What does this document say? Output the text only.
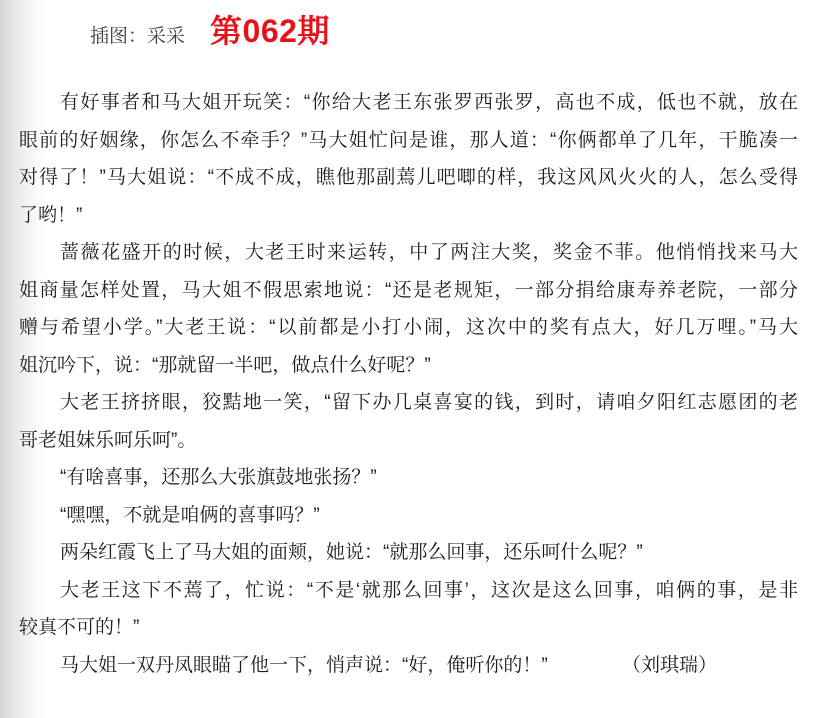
插图：采采 第062期
有好事者和马大姐开玩笑：“你给大老王东张罗西张罗，高也不成，低也不就，放在
眼前的好姻缘，你怎么不牵手？”马大姐忙问是谁，那人道：“你俩都单了几年，干脆凑一
对得了！”马大姐说：“不成不成，瞧他那副蔫儿吧唧的样，我这风风火火的人，怎么受得
了哟！”
蔷薇花盛开的时候，大老王时来运转，中了两注大奖，奖金不菲。他悄悄找来马大
姐商量怎样处置，马大姐不假思索地说：“还是老规矩，一部分捐给康寿养老院，一部分
赠与希望小学。”大老王说：“以前都是小打小闹，这次中的奖有点大，好几万哩。”马大
姐沉吟下，说：“那就留一半吧，做点什么好呢？”
大老王挤挤眼，狡黠地一笑，“留下办几桌喜宴的钱，到时，请咱夕阳红志愿团的老
哥老姐妹乐呵乐呵”。
“有啥喜事，还那么大张旗鼓地张扬？”
“嘿嘿，不就是咱俩的喜事吗？”
两朵红霞飞上了马大姐的面颊，她说：“就那么回事，还乐呵什么呢？”
大老王这下不蔫了，忙说：“不是‘就那么回事’，这次是这么回事，咱俩的事，是非
较真不可的！”
马大姐一双丹凤眼瞄了他一下，悄声说：“好，俺听你的！”	（刘琪瑞）
